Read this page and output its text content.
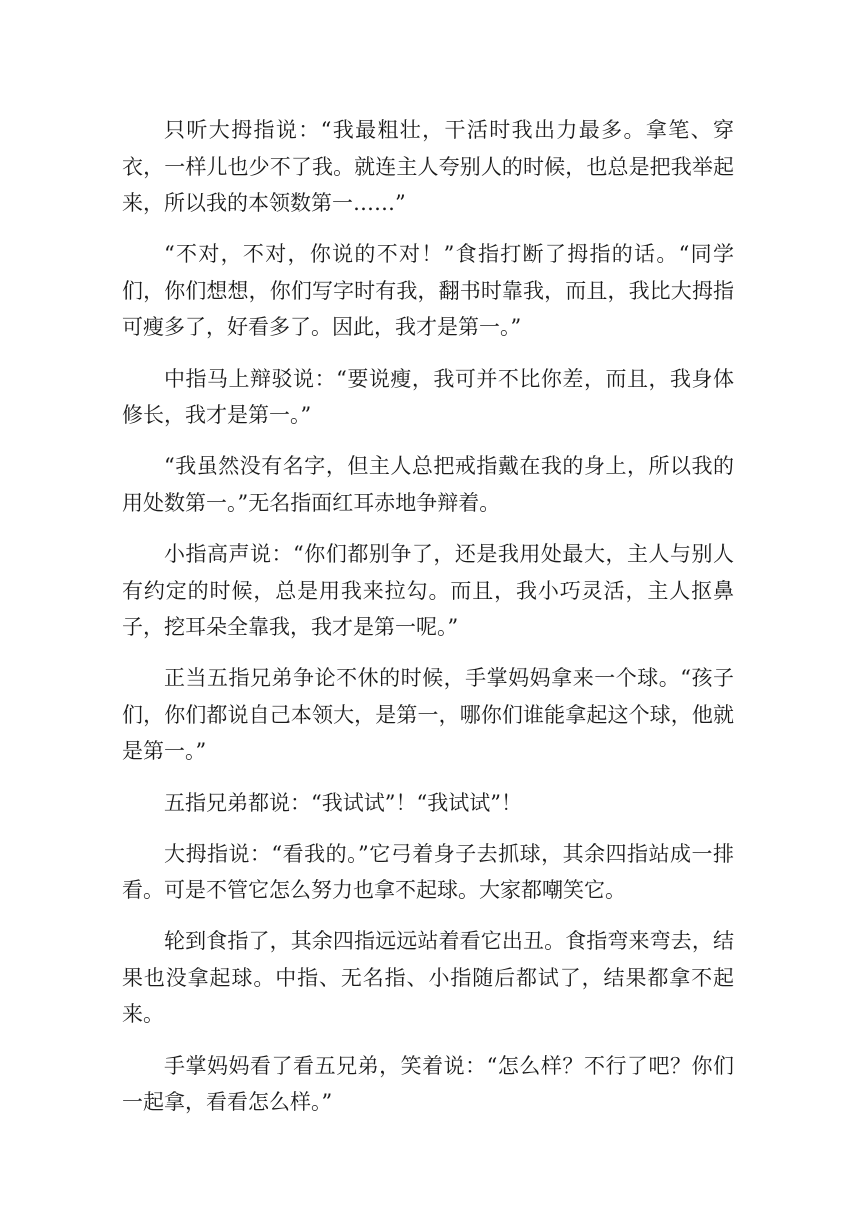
只听大拇指说：“我最粗壮，干活时我出力最多。拿笔、穿衣，一样儿也少不了我。就连主人夸别人的时候，也总是把我举起来，所以我的本领数第一……”

“不对，不对，你说的不对！”食指打断了拇指的话。“同学们，你们想想，你们写字时有我，翻书时靠我，而且，我比大拇指可瘦多了，好看多了。因此，我才是第一。”

中指马上辩驳说：“要说瘦，我可并不比你差，而且，我身体修长，我才是第一。”

“我虽然没有名字，但主人总把戒指戴在我的身上，所以我的用处数第一。”无名指面红耳赤地争辩着。

小指高声说：“你们都别争了，还是我用处最大，主人与别人有约定的时候，总是用我来拉勾。而且，我小巧灵活，主人抠鼻子，挖耳朵全靠我，我才是第一呢。”

正当五指兄弟争论不休的时候，手掌妈妈拿来一个球。“孩子们，你们都说自己本领大，是第一，哪你们谁能拿起这个球，他就是第一。”

五指兄弟都说：“我试试”！“我试试”！

大拇指说：“看我的。”它弓着身子去抓球，其余四指站成一排看。可是不管它怎么努力也拿不起球。大家都嘲笑它。

轮到食指了，其余四指远远站着看它出丑。食指弯来弯去，结果也没拿起球。中指、无名指、小指随后都试了，结果都拿不起来。

手掌妈妈看了看五兄弟，笑着说：“怎么样？不行了吧？你们一起拿，看看怎么样。”
